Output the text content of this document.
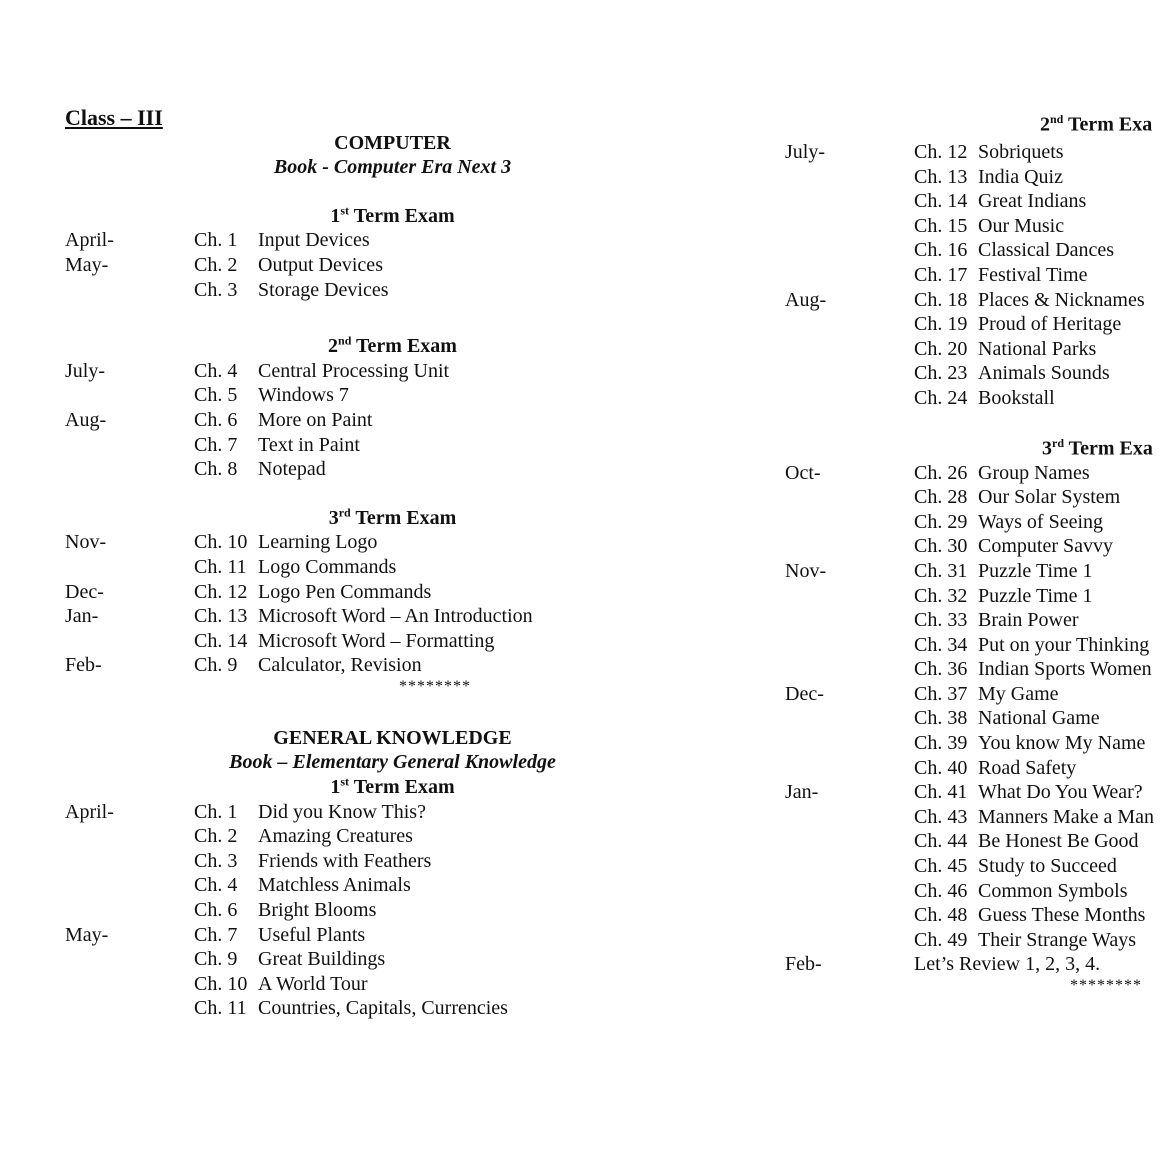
Class – III
COMPUTER
Book - Computer Era Next 3
1st Term Exam
April-	Ch. 1	Input Devices
May-	Ch. 2	Output Devices
Ch. 3	Storage Devices
2nd Term Exam
July-	Ch. 4	Central Processing Unit
Ch. 5	Windows 7
Aug-	Ch. 6	More on Paint
Ch. 7	Text in Paint
Ch. 8	Notepad
3rd Term Exam
Nov-	Ch. 10 Learning Logo
Ch. 11 Logo Commands
Dec-	Ch. 12 Logo Pen Commands
Jan-	Ch. 13 Microsoft Word – An Introduction
Ch. 14 Microsoft Word – Formatting
Feb-	Ch. 9	Calculator, Revision
********
GENERAL KNOWLEDGE
Book – Elementary General Knowledge
1st Term Exam
April-	Ch. 1	Did you Know This?
Ch. 2	Amazing Creatures
Ch. 3	Friends with Feathers
Ch. 4	Matchless Animals
Ch. 6	Bright Blooms
May-	Ch. 7	Useful Plants
Ch. 9	Great Buildings
Ch. 10 A World Tour
Ch. 11 Countries, Capitals, Currencies
2nd Term Exa
3rd Term Exa
July-	Ch. 12 Sobriquets
Ch. 13 India Quiz
Ch. 14 Great Indians
Ch. 15 Our Music
Ch. 16 Classical Dances
Ch. 17 Festival Time
Aug-	Ch. 18 Places & Nicknames
Ch. 19 Proud of Heritage
Ch. 20 National Parks
Ch. 23 Animals Sounds
Ch. 24 Bookstall
Oct-	Ch. 26 Group Names
Ch. 28 Our Solar System
Ch. 29 Ways of Seeing
Ch. 30 Computer Savvy
Nov-	Ch. 31 Puzzle Time 1
Ch. 32 Puzzle Time 1
Ch. 33 Brain Power
Ch. 34 Put on your Thinking
Ch. 36 Indian Sports Women
Dec-	Ch. 37 My Game
Ch. 38 National Game
Ch. 39 You know My Name
Ch. 40 Road Safety
Jan-	Ch. 41 What Do You Wear?
Ch. 43 Manners Make a Man
Ch. 44 Be Honest Be Good
Ch. 45 Study to Succeed
Ch. 46 Common Symbols
Ch. 48 Guess These Months
Ch. 49 Their Strange Ways
Feb-	Let’s Review 1, 2, 3, 4.
********
